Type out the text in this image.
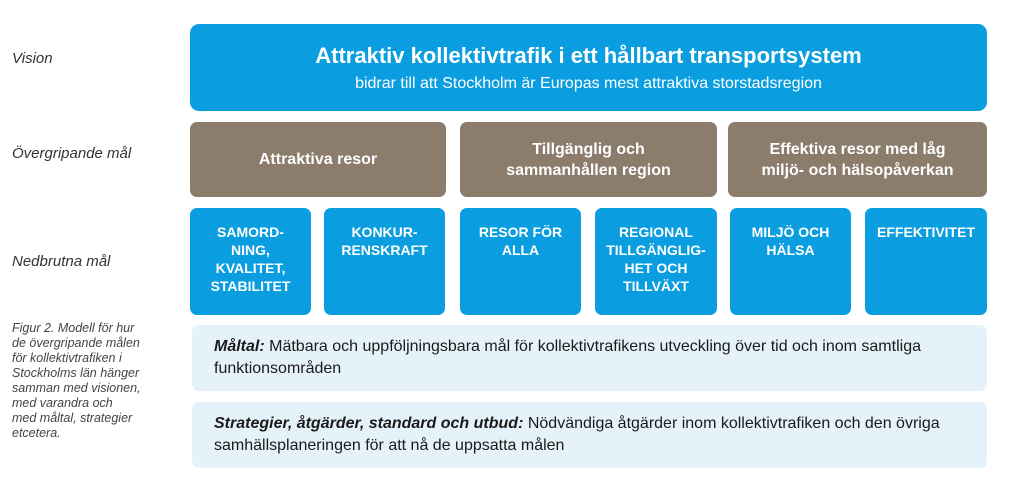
Vision
Övergripande mål
Nedbrutna mål
Figur 2. Modell för hur
de övergripande målen
för kollektivtrafiken i
Stockholms län hänger
samman med visionen,
med varandra och
med måltal, strategier
etcetera.
Attraktiv kollektivtrafik i ett hållbart transportsystem
bidrar till att Stockholm är Europas mest attraktiva storstadsregion
Attraktiva resor
Tillgänglig och
sammanhållen region
Effektiva resor med låg
miljö- och hälsopåverkan
SAMORD-
NING,
KVALITET,
STABILITET
KONKUR-
RENSKRAFT
RESOR FÖR
ALLA
REGIONAL
TILLGÄNGLIG-
HET OCH
TILLVÄXT
MILJÖ OCH
HÄLSA
EFFEKTIVITET
Måltal: Mätbara och uppföljningsbara mål för kollektivtrafikens utveckling över tid och inom samtliga funktionsområden
Strategier, åtgärder, standard och utbud: Nödvändiga åtgärder inom kollektivtrafiken och den övriga samhällsplaneringen för att nå de uppsatta målen
